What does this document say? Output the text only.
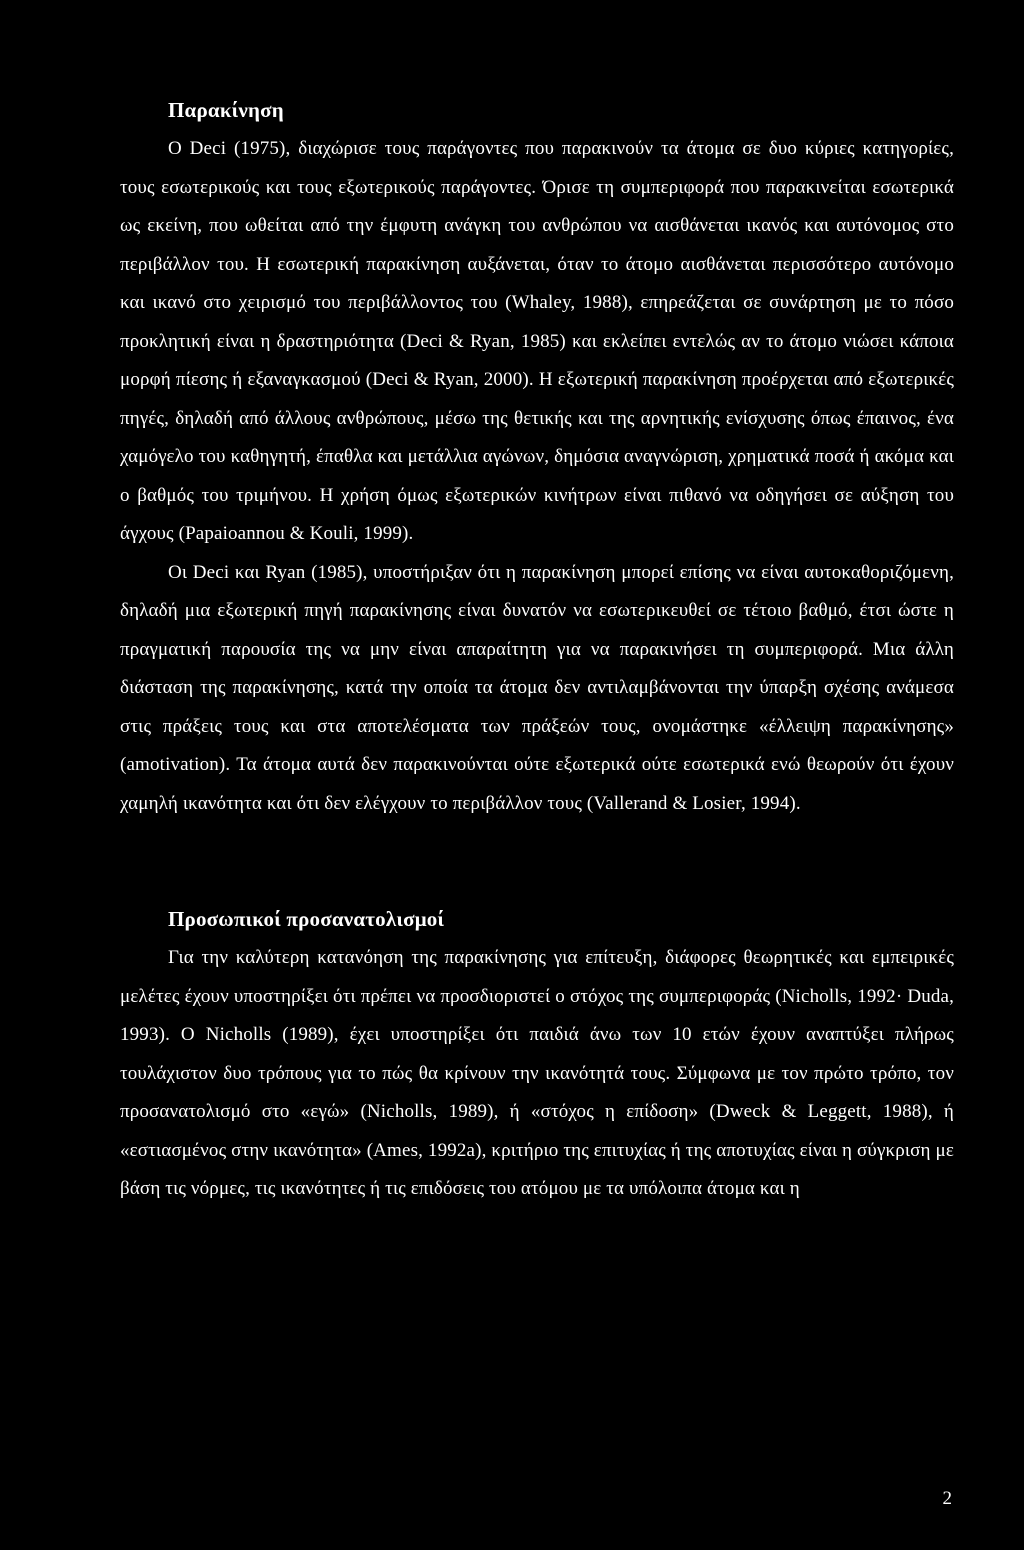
Παρακίνηση

Ο Deci (1975), διαχώρισε τους παράγοντες που παρακινούν τα άτομα σε δυο κύριες κατηγορίες, τους εσωτερικούς και τους εξωτερικούς παράγοντες. Όρισε τη συμπεριφορά που παρακινείται εσωτερικά ως εκείνη, που ωθείται από την έμφυτη ανάγκη του ανθρώπου να αισθάνεται ικανός και αυτόνομος στο περιβάλλον του. Η εσωτερική παρακίνηση αυξάνεται, όταν το άτομο αισθάνεται περισσότερο αυτόνομο και ικανό στο χειρισμό του περιβάλλοντος του (Whaley, 1988), επηρεάζεται σε συνάρτηση με το πόσο προκλητική είναι η δραστηριότητα (Deci & Ryan, 1985) και εκλείπει εντελώς αν το άτομο νιώσει κάποια μορφή πίεσης ή εξαναγκασμού (Deci & Ryan, 2000). Η εξωτερική παρακίνηση προέρχεται από εξωτερικές πηγές, δηλαδή από άλλους ανθρώπους, μέσω της θετικής και της αρνητικής ενίσχυσης όπως έπαινος, ένα χαμόγελο του καθηγητή, έπαθλα και μετάλλια αγώνων, δημόσια αναγνώριση, χρηματικά ποσά ή ακόμα και ο βαθμός του τριμήνου. Η χρήση όμως εξωτερικών κινήτρων είναι πιθανό να οδηγήσει σε αύξηση του άγχους (Papaioannou & Kouli, 1999).

Οι Deci και Ryan (1985), υποστήριξαν ότι η παρακίνηση μπορεί επίσης να είναι αυτοκαθοριζόμενη, δηλαδή μια εξωτερική πηγή παρακίνησης είναι δυνατόν να εσωτερικευθεί σε τέτοιο βαθμό, έτσι ώστε η πραγματική παρουσία της να μην είναι απαραίτητη για να παρακινήσει τη συμπεριφορά. Μια άλλη διάσταση της παρακίνησης, κατά την οποία τα άτομα δεν αντιλαμβάνονται την ύπαρξη σχέσης ανάμεσα στις πράξεις τους και στα αποτελέσματα των πράξεών τους, ονομάστηκε «έλλειψη παρακίνησης» (amotivation). Τα άτομα αυτά δεν παρακινούνται ούτε εξωτερικά ούτε εσωτερικά ενώ θεωρούν ότι έχουν χαμηλή ικανότητα και ότι δεν ελέγχουν το περιβάλλον τους (Vallerand & Losier, 1994).

Προσωπικοί προσανατολισμοί

Για την καλύτερη κατανόηση της παρακίνησης για επίτευξη, διάφορες θεωρητικές και εμπειρικές μελέτες έχουν υποστηρίξει ότι πρέπει να προσδιοριστεί ο στόχος της συμπεριφοράς (Nicholls, 1992· Duda, 1993). Ο Nicholls (1989), έχει υποστηρίξει ότι παιδιά άνω των 10 ετών έχουν αναπτύξει πλήρως τουλάχιστον δυο τρόπους για το πώς θα κρίνουν την ικανότητά τους. Σύμφωνα με τον πρώτο τρόπο, τον προσανατολισμό στο «εγώ» (Nicholls, 1989), ή «στόχος η επίδοση» (Dweck & Leggett, 1988), ή «εστιασμένος στην ικανότητα» (Ames, 1992a), κριτήριο της επιτυχίας ή της αποτυχίας είναι η σύγκριση με βάση τις νόρμες, τις ικανότητες ή τις επιδόσεις του ατόμου με τα υπόλοιπα άτομα και η

2
